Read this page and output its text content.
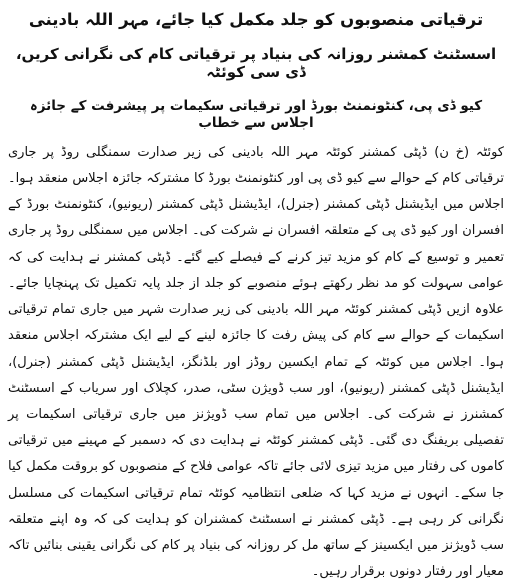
ترقیاتی منصوبوں کو جلد مکمل کیا جائے، مہر اللہ بادینی
اسسٹنٹ کمشنر روزانہ کی بنیاد پر ترقیاتی کام کی نگرانی کریں، ڈی سی کوئٹہ
کیو ڈی پی، کنٹونمنٹ بورڈ اور ترقیاتی سکیمات پر پیشرفت کے جائزہ اجلاس سے خطاب

کوئٹہ (خ ن) ڈپٹی کمشنر کوئٹہ مہر اللہ بادینی کی زیر صدارت سمنگلی روڈ پر جاری ترقیاتی کام کے حوالے سے کیو ڈی پی اور کنٹونمنٹ بورڈ کا مشترکہ جائزہ اجلاس منعقد ہوا۔ اجلاس میں ایڈیشنل ڈپٹی کمشنر (جنرل)، ایڈیشنل ڈپٹی کمشنر (ریونیو)، کنٹونمنٹ بورڈ کے افسران اور کیو ڈی پی کے متعلقہ افسران نے شرکت کی۔ اجلاس میں سمنگلی روڈ پر جاری تعمیر و توسیع کے کام کو مزید تیز کرنے کے فیصلے کیے گئے۔ ڈپٹی کمشنر نے ہدایت کی کہ عوامی سہولت کو مد نظر رکھتے ہوئے منصوبے کو جلد از جلد پایہ تکمیل تک پہنچایا جائے۔ علاوہ ازیں ڈپٹی کمشنر کوئٹہ مہر اللہ بادینی کی زیر صدارت شہر میں جاری تمام ترقیاتی اسکیمات کے حوالے سے کام کی پیش رفت کا جائزہ لینے کے لیے ایک مشترکہ اجلاس منعقد ہوا۔ اجلاس میں کوئٹہ کے تمام ایکسین روڈز اور بلڈنگز، ایڈیشنل ڈپٹی کمشنر (جنرل)، ایڈیشنل ڈپٹی کمشنر (ریونیو)، اور سب ڈویژن سٹی، صدر، کچلاک اور سریاب کے اسسٹنٹ کمشنرز نے شرکت کی۔ اجلاس میں تمام سب ڈویژنز میں جاری ترقیاتی اسکیمات پر تفصیلی بریفنگ دی گئی۔ ڈپٹی کمشنر کوئٹہ نے ہدایت دی کہ دسمبر کے مہینے میں ترقیاتی کاموں کی رفتار میں مزید تیزی لائی جائے تاکہ عوامی فلاح کے منصوبوں کو بروقت مکمل کیا جا سکے۔ انہوں نے مزید کہا کہ ضلعی انتظامیہ کوئٹہ تمام ترقیاتی اسکیمات کی مسلسل نگرانی کر رہی ہے۔ ڈپٹی کمشنر نے اسسٹنٹ کمشنران کو ہدایت کی کہ وہ اپنے متعلقہ سب ڈویژنز میں ایکسینز کے ساتھ مل کر روزانہ کی بنیاد پر کام کی نگرانی یقینی بنائیں تاکہ معیار اور رفتار دونوں برقرار رہیں۔
